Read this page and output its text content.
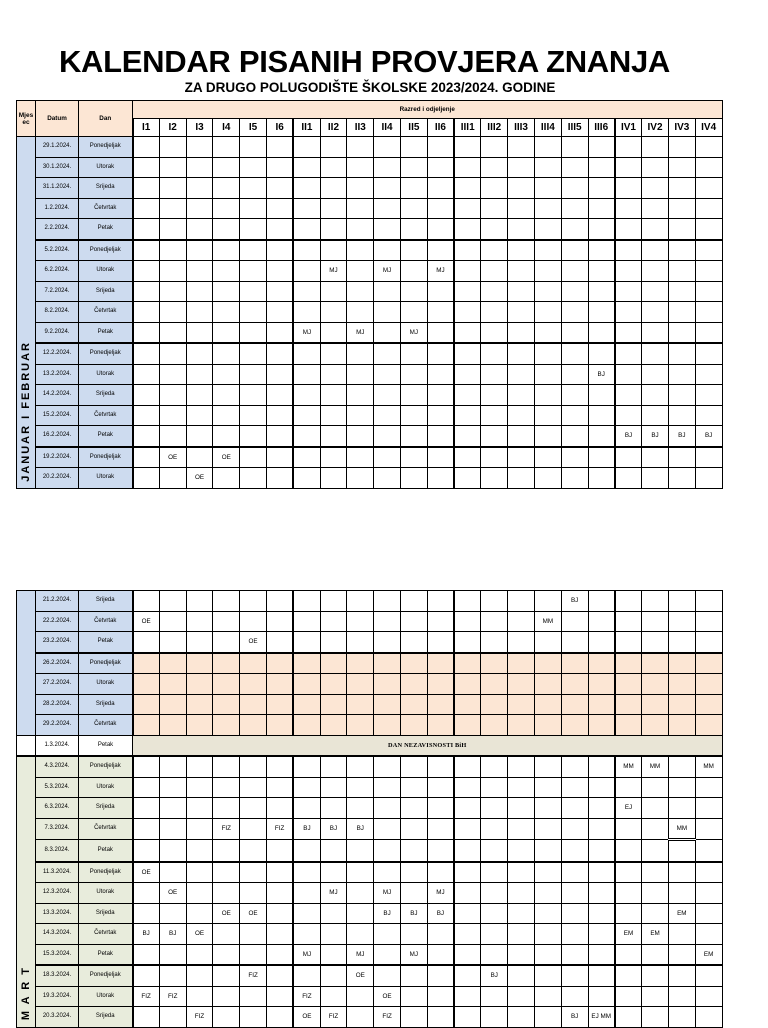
KALENDAR PISANIH PROVJERA ZNANJA
ZA DRUGO POLUGODIŠTE ŠKOLSKE 2023/2024. GODINE
Mjes ec	Datum	Dan	Razred i odjeljenje																					
			I1	I2	I3	I4	I5	I6	II1	II2	II3	II4	II5	II6	III1	III2	III3	III4	III5	III6	IV1	IV2	IV3	IV4
JANUAR I FEBRUAR	29.1.2024.	Ponedjeljak																						
	30.1.2024.	Utorak																						
	31.1.2024.	Srijeda																						
	1.2.2024.	Četvrtak																						
	2.2.2024.	Petak																						
	5.2.2024.	Ponedjeljak																						
	6.2.2024.	Utorak								MJ		MJ		MJ										
	7.2.2024.	Srijeda																						
	8.2.2024.	Četvrtak																						
	9.2.2024.	Petak							MJ		MJ		MJ											
	12.2.2024.	Ponedjeljak																						
	13.2.2024.	Utorak																		BJ				
	14.2.2024.	Srijeda																						
	15.2.2024.	Četvrtak																						
	16.2.2024.	Petak																			BJ	BJ	BJ	BJ
	19.2.2024.	Ponedjeljak		OE		OE																		
	20.2.2024.	Utorak			OE																			
	21.2.2024.	Srijeda																	BJ					
	22.2.2024.	Četvrtak	OE															MM						
	23.2.2024.	Petak					OE																	
	26.2.2024.	Ponedjeljak																						
	27.2.2024.	Utorak																						
	28.2.2024.	Srijeda																						
	29.2.2024.	Četvrtak																						
	1.3.2024.	Petak	DAN NEZAVISNOSTI BiH																					
M A R T	4.3.2024.	Ponedjeljak																			MM	MM		MM
	5.3.2024.	Utorak																						
	6.3.2024.	Srijeda																			EJ			
	7.3.2024.	Četvrtak				FIZ		FIZ	BJ	BJ	BJ												MM	
	8.3.2024.	Petak																						
	11.3.2024.	Ponedjeljak	OE																					
	12.3.2024.	Utorak		OE						MJ		MJ		MJ										
	13.3.2024.	Srijeda				OE	OE					BJ	BJ	BJ									EM	
	14.3.2024.	Četvrtak	BJ	BJ	OE																EM	EM		
	15.3.2024.	Petak							MJ		MJ		MJ											EM
	18.3.2024.	Ponedjeljak					FIZ				OE					BJ								
	19.3.2024.	Utorak	FIZ	FIZ					FIZ			OE												
	20.3.2024.	Srijeda			FIZ				OE	FIZ		FIZ							BJ	EJ MM				
